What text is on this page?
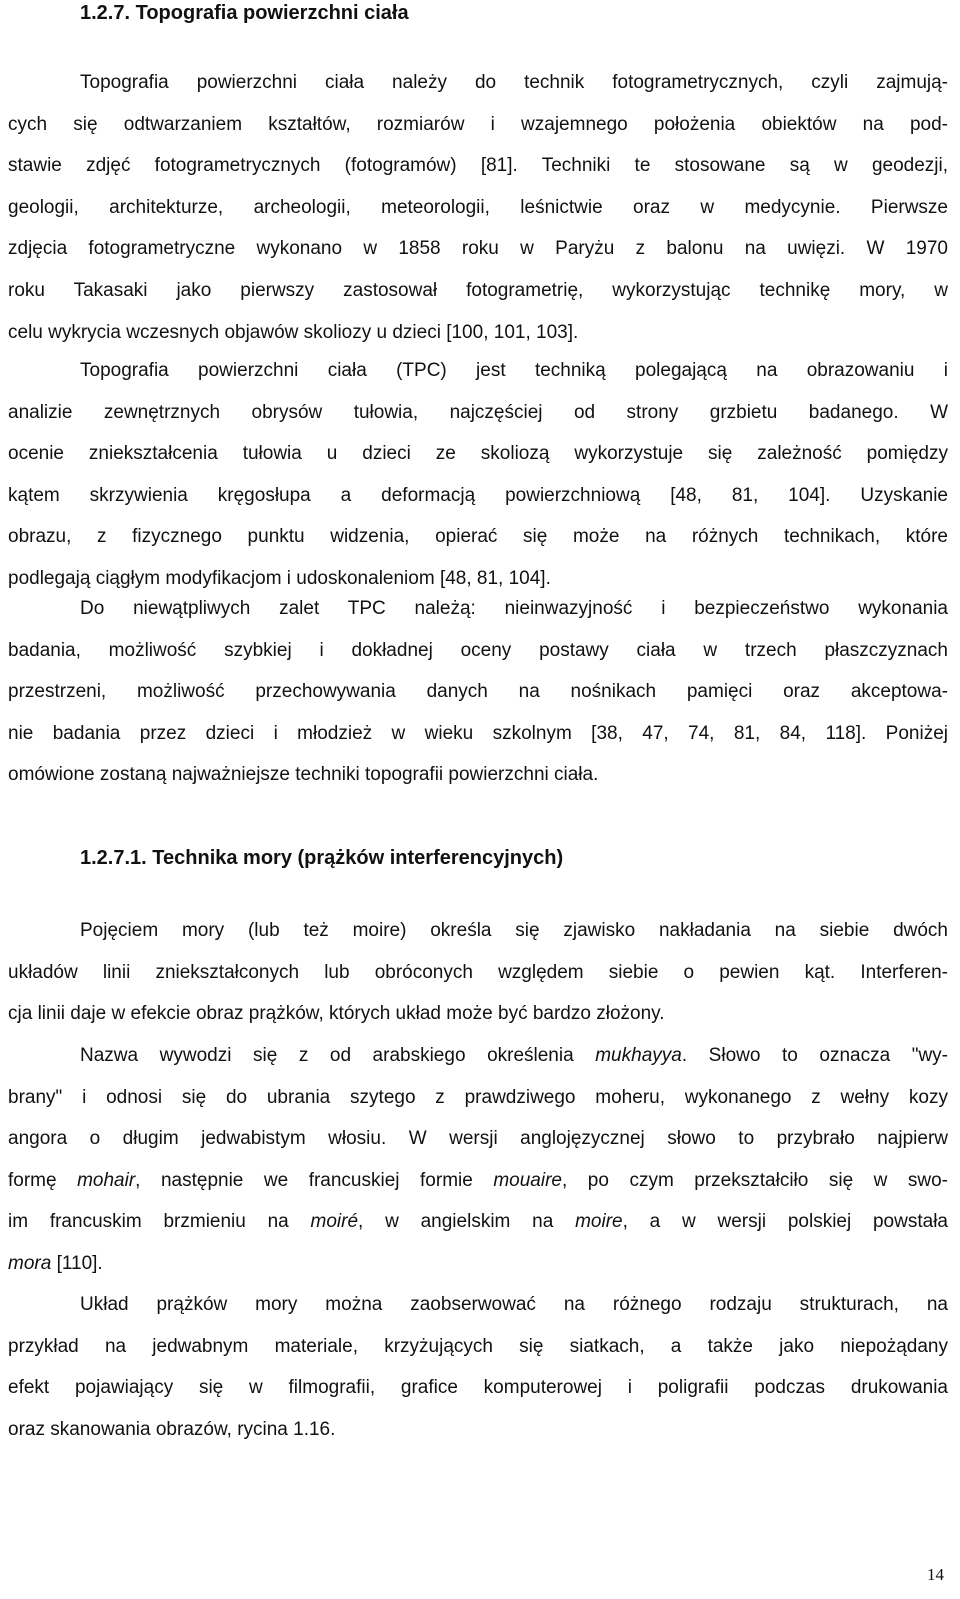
1.2.7. Topografia powierzchni ciała
Topografia powierzchni ciała należy do technik fotogrametrycznych, czyli zajmują-
cych się odtwarzaniem kształtów, rozmiarów i wzajemnego położenia obiektów na pod-
stawie zdjęć fotogrametrycznych (fotogramów) [81]. Techniki te stosowane są w geodezji,
geologii, architekturze, archeologii, meteorologii, leśnictwie oraz w medycynie. Pierwsze
zdjęcia fotogrametryczne wykonano w 1858 roku w Paryżu z balonu na uwięzi. W 1970
roku Takasaki jako pierwszy zastosował fotogrametrię, wykorzystując technikę mory, w
celu wykrycia wczesnych objawów skoliozy u dzieci [100, 101, 103].
Topografia powierzchni ciała (TPC) jest techniką polegającą na obrazowaniu i
analizie zewnętrznych obrysów tułowia, najczęściej od strony grzbietu badanego. W
ocenie zniekształcenia tułowia u dzieci ze skoliozą wykorzystuje się zależność pomiędzy
kątem skrzywienia kręgosłupa a deformacją powierzchniową [48, 81, 104]. Uzyskanie
obrazu, z fizycznego punktu widzenia, opierać się może na różnych technikach, które
podlegają ciągłym modyfikacjom i udoskonaleniom [48, 81, 104].
Do niewątpliwych zalet TPC należą: nieinwazyjność i bezpieczeństwo wykonania
badania, możliwość szybkiej i dokładnej oceny postawy ciała w trzech płaszczyznach
przestrzeni, możliwość przechowywania danych na nośnikach pamięci oraz akceptowa-
nie badania przez dzieci i młodzież w wieku szkolnym [38, 47, 74, 81, 84, 118]. Poniżej
omówione zostaną najważniejsze techniki topografii powierzchni ciała.
1.2.7.1. Technika mory (prążków interferencyjnych)
Pojęciem mory (lub też moire) określa się zjawisko nakładania na siebie dwóch
układów linii zniekształconych lub obróconych względem siebie o pewien kąt. Interferen-
cja linii daje w efekcie obraz prążków, których układ może być bardzo złożony.
Nazwa wywodzi się z od arabskiego określenia mukhayya. Słowo to oznacza "wy-
brany" i odnosi się do ubrania szytego z prawdziwego moheru, wykonanego z wełny kozy
angora o długim jedwabistym włosiu. W wersji anglojęzycznej słowo to przybrało najpierw
formę mohair, następnie we francuskiej formie mouaire, po czym przekształciło się w swo-
im francuskim brzmieniu na moiré, w angielskim na moire, a w wersji polskiej powstała
mora [110].
Układ prążków mory można zaobserwować na różnego rodzaju strukturach, na
przykład na jedwabnym materiale, krzyżujących się siatkach, a także jako niepożądany
efekt pojawiający się w filmografii, grafice komputerowej i poligrafii podczas drukowania
oraz skanowania obrazów, rycina 1.16.

14
